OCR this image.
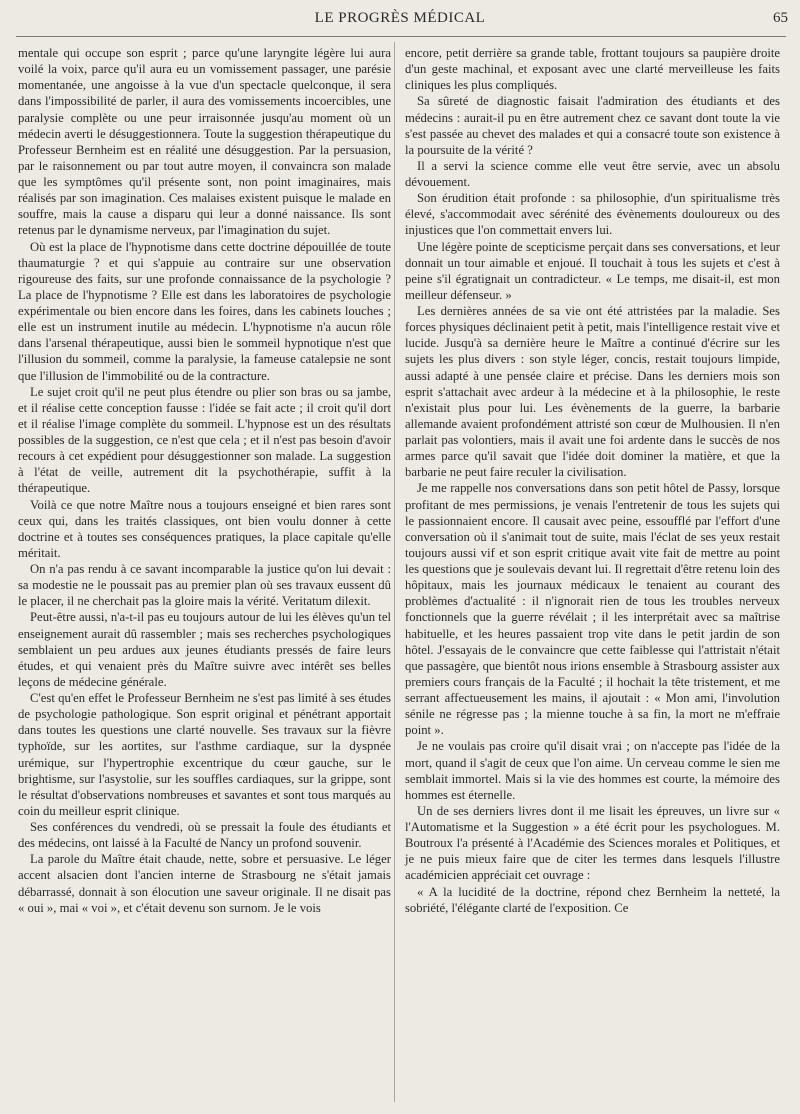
LE PROGRÈS MÉDICAL	65

mentale qui occupe son esprit ; parce qu'une laryngite légère lui aura voilé la voix, parce qu'il aura eu un vomissement passager, une parésie momentanée, une angoisse à la vue d'un spectacle quelconque, il sera dans l'impossibilité de parler, il aura des vomissements incoercibles, une paralysie complète ou une peur irraisonnée jusqu'au moment où un médecin averti le désuggestionnera. Toute la suggestion thérapeutique du Professeur Bernheim est en réalité une désuggestion. Par la persuasion, par le raisonnement ou par tout autre moyen, il convaincra son malade que les symptômes qu'il présente sont, non point imaginaires, mais réalisés par son imagination. Ces malaises existent puisque le malade en souffre, mais la cause a disparu qui leur a donné naissance. Ils sont retenus par le dynamisme nerveux, par l'imagination du sujet.

Où est la place de l'hypnotisme dans cette doctrine dépouillée de toute thaumaturgie ? et qui s'appuie au contraire sur une observation rigoureuse des faits, sur une profonde connaissance de la psychologie ? La place de l'hypnotisme ? Elle est dans les laboratoires de psychologie expérimentale ou bien encore dans les foires, dans les cabinets louches ; elle est un instrument inutile au médecin. L'hypnotisme n'a aucun rôle dans l'arsenal thérapeutique, aussi bien le sommeil hypnotique n'est que l'illusion du sommeil, comme la paralysie, la fameuse catalepsie ne sont que l'illusion de l'immobilité ou de la contracture.

Le sujet croit qu'il ne peut plus étendre ou plier son bras ou sa jambe, et il réalise cette conception fausse : l'idée se fait acte ; il croit qu'il dort et il réalise l'image complète du sommeil. L'hypnose est un des résultats possibles de la suggestion, ce n'est que cela ; et il n'est pas besoin d'avoir recours à cet expédient pour désuggestionner son malade. La suggestion à l'état de veille, autrement dit la psychothérapie, suffit à la thérapeutique.

Voilà ce que notre Maître nous a toujours enseigné et bien rares sont ceux qui, dans les traités classiques, ont bien voulu donner à cette doctrine et à toutes ses conséquences pratiques, la place capitale qu'elle méritait.

On n'a pas rendu à ce savant incomparable la justice qu'on lui devait : sa modestie ne le poussait pas au premier plan où ses travaux eussent dû le placer, il ne cherchait pas la gloire mais la vérité. Veritatum dilexit.

Peut-être aussi, n'a-t-il pas eu toujours autour de lui les élèves qu'un tel enseignement aurait dû rassembler ; mais ses recherches psychologiques semblaient un peu ardues aux jeunes étudiants pressés de faire leurs études, et qui venaient près du Maître suivre avec intérêt ses belles leçons de médecine générale.

C'est qu'en effet le Professeur Bernheim ne s'est pas limité à ses études de psychologie pathologique. Son esprit original et pénétrant apportait dans toutes les questions une clarté nouvelle. Ses travaux sur la fièvre typhoïde, sur les aortites, sur l'asthme cardiaque, sur la dyspnée urémique, sur l'hypertrophie excentrique du cœur gauche, sur le brightisme, sur l'asystolie, sur les souffles cardiaques, sur la grippe, sont le résultat d'observations nombreuses et savantes et sont tous marqués au coin du meilleur esprit clinique.

Ses conférences du vendredi, où se pressait la foule des étudiants et des médecins, ont laissé à la Faculté de Nancy un profond souvenir.

La parole du Maître était chaude, nette, sobre et persuasive. Le léger accent alsacien dont l'ancien interne de Strasbourg ne s'était jamais débarrassé, donnait à son élocution une saveur originale. Il ne disait pas « oui », mai « voi », et c'était devenu son surnom. Je le vois

encore, petit derrière sa grande table, frottant toujours sa paupière droite d'un geste machinal, et exposant avec une clarté merveilleuse les faits cliniques les plus compliqués.

Sa sûreté de diagnostic faisait l'admiration des étudiants et des médecins : aurait-il pu en être autrement chez ce savant dont toute la vie s'est passée au chevet des malades et qui a consacré toute son existence à la poursuite de la vérité ?

Il a servi la science comme elle veut être servie, avec un absolu dévouement.

Son érudition était profonde : sa philosophie, d'un spiritualisme très élevé, s'accommodait avec sérénité des évènements douloureux ou des injustices que l'on commettait envers lui.

Une légère pointe de scepticisme perçait dans ses conversations, et leur donnait un tour aimable et enjoué. Il touchait à tous les sujets et c'est à peine s'il égratignait un contradicteur. « Le temps, me disait-il, est mon meilleur défenseur. »

Les dernières années de sa vie ont été attristées par la maladie. Ses forces physiques déclinaient petit à petit, mais l'intelligence restait vive et lucide. Jusqu'à sa dernière heure le Maître a continué d'écrire sur les sujets les plus divers : son style léger, concis, restait toujours limpide, aussi adapté à une pensée claire et précise. Dans les derniers mois son esprit s'attachait avec ardeur à la médecine et à la philosophie, le reste n'existait plus pour lui. Les évènements de la guerre, la barbarie allemande avaient profondément attristé son cœur de Mulhousien. Il n'en parlait pas volontiers, mais il avait une foi ardente dans le succès de nos armes parce qu'il savait que l'idée doit dominer la matière, et que la barbarie ne peut faire reculer la civilisation.

Je me rappelle nos conversations dans son petit hôtel de Passy, lorsque profitant de mes permissions, je venais l'entretenir de tous les sujets qui le passionnaient encore. Il causait avec peine, essoufflé par l'effort d'une conversation où il s'animait tout de suite, mais l'éclat de ses yeux restait toujours aussi vif et son esprit critique avait vite fait de mettre au point les questions que je soulevais devant lui. Il regrettait d'être retenu loin des hôpitaux, mais les journaux médicaux le tenaient au courant des problèmes d'actualité : il n'ignorait rien de tous les troubles nerveux fonctionnels que la guerre révélait ; il les interprétait avec sa maîtrise habituelle, et les heures passaient trop vite dans le petit jardin de son hôtel. J'essayais de le convaincre que cette faiblesse qui l'attristait n'était que passagère, que bientôt nous irions ensemble à Strasbourg assister aux premiers cours français de la Faculté ; il hochait la tête tristement, et me serrant affectueusement les mains, il ajoutait : « Mon ami, l'involution sénile ne régresse pas ; la mienne touche à sa fin, la mort ne m'effraie point ».

Je ne voulais pas croire qu'il disait vrai ; on n'accepte pas l'idée de la mort, quand il s'agit de ceux que l'on aime. Un cerveau comme le sien me semblait immortel. Mais si la vie des hommes est courte, la mémoire des hommes est éternelle.

Un de ses derniers livres dont il me lisait les épreuves, un livre sur « l'Automatisme et la Suggestion » a été écrit pour les psychologues. M. Boutroux l'a présenté à l'Académie des Sciences morales et Politiques, et je ne puis mieux faire que de citer les termes dans lesquels l'illustre académicien appréciait cet ouvrage :

« A la lucidité de la doctrine, répond chez Bernheim la netteté, la sobriété, l'élégante clarté de l'exposition. Ce
